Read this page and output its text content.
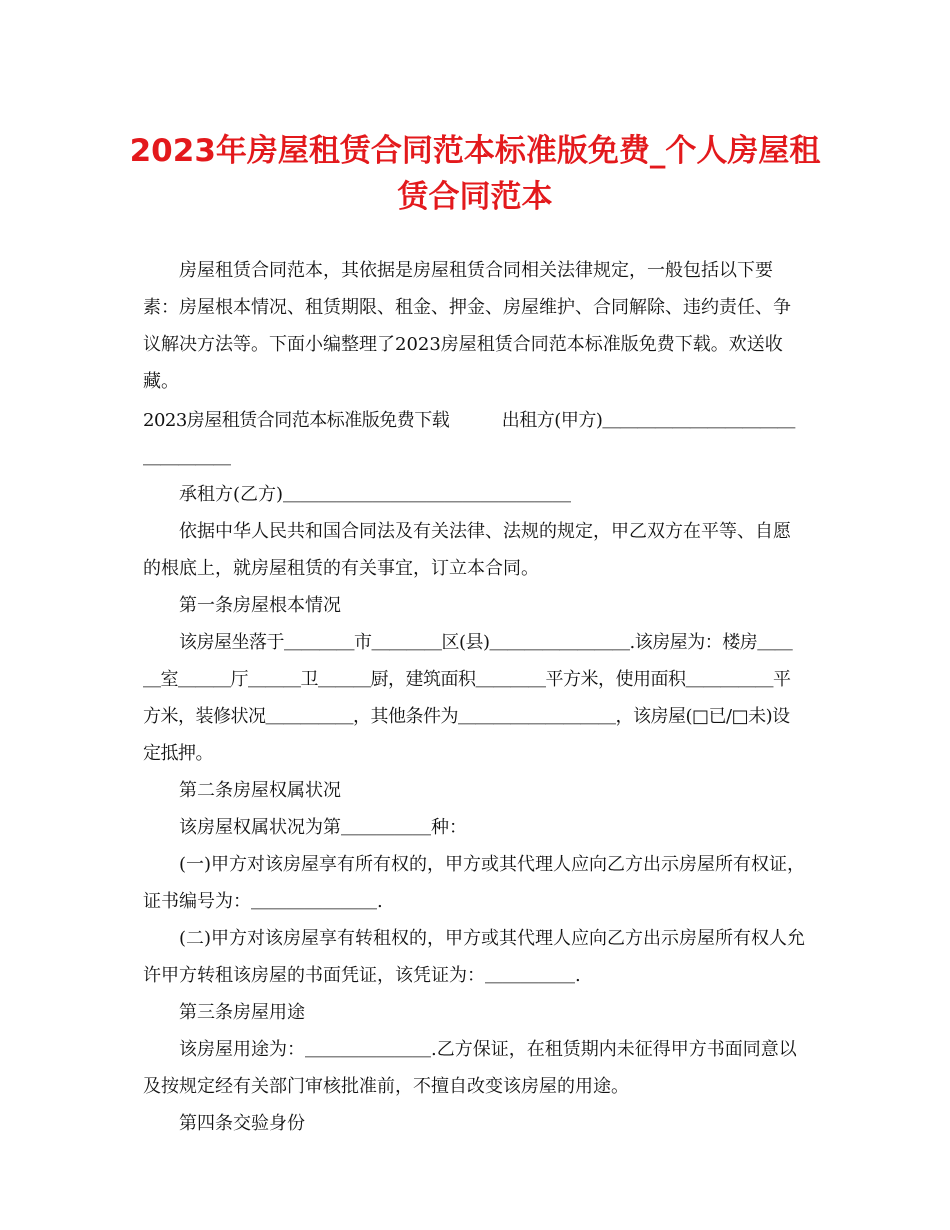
2023年房屋租赁合同范本标准版免费_个人房屋租赁合同范本

房屋租赁合同范本，其依据是房屋租赁合同相关法律规定，一般包括以下要素：房屋根本情况、租赁期限、租金、押金、房屋维护、合同解除、违约责任、争议解决方法等。下面小编整理了2023房屋租赁合同范本标准版免费下载。欢送收藏。

2023房屋租赁合同范本标准版免费下载　　　出租方(甲方)＿＿＿＿＿＿＿＿＿＿＿＿＿＿＿＿

承租方(乙方)＿＿＿＿＿＿＿＿＿＿＿＿＿＿＿＿

依据中华人民共和国合同法及有关法律、法规的规定，甲乙双方在平等、自愿的根底上，就房屋租赁的有关事宜，订立本合同。

第一条房屋根本情况

该房屋坐落于＿＿＿＿市＿＿＿＿区(县)＿＿＿＿＿＿＿＿.该房屋为：楼房＿＿＿室＿＿＿厅＿＿＿卫＿＿＿厨，建筑面积＿＿＿＿平方米，使用面积＿＿＿＿＿平方米，装修状况＿＿＿＿＿，其他条件为＿＿＿＿＿＿＿＿＿，该房屋(□已/□未)设定抵押。

第二条房屋权属状况

该房屋权属状况为第＿＿＿＿＿种：

(一)甲方对该房屋享有所有权的，甲方或其代理人应向乙方出示房屋所有权证，证书编号为：＿＿＿＿＿＿＿.

(二)甲方对该房屋享有转租权的，甲方或其代理人应向乙方出示房屋所有权人允许甲方转租该房屋的书面凭证，该凭证为：＿＿＿＿＿.

第三条房屋用途

该房屋用途为：＿＿＿＿＿＿＿.乙方保证，在租赁期内未征得甲方书面同意以及按规定经有关部门审核批准前，不擅自改变该房屋的用途。

第四条交验身份
